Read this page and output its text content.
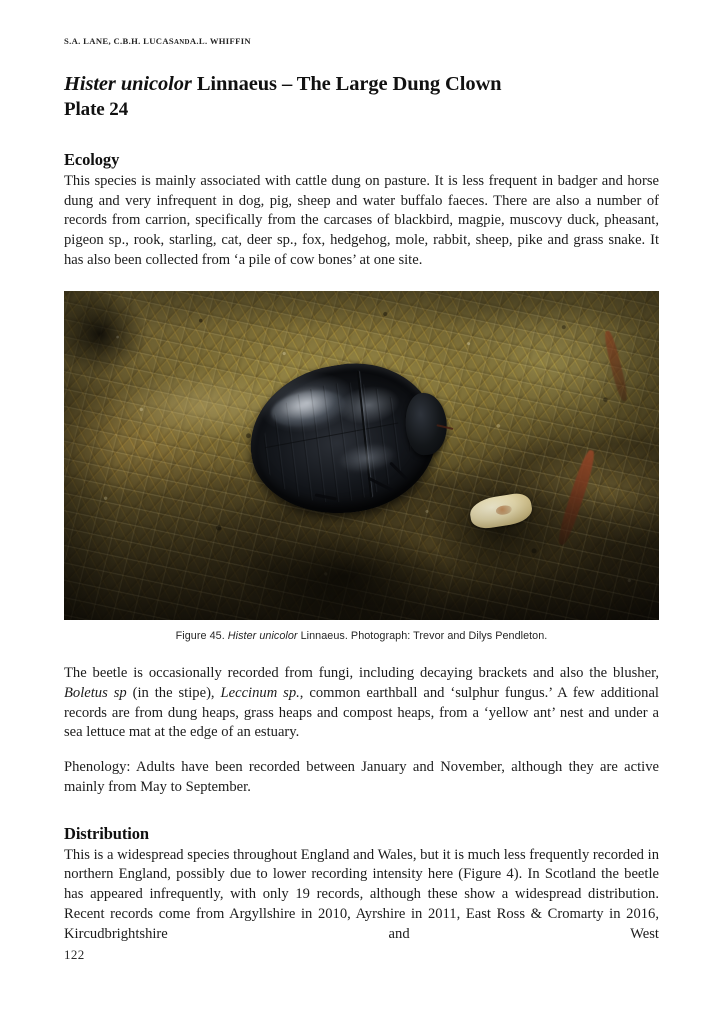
S.A. LANE, C.B.H. LUCASANDA.L. WHIFFIN
Hister unicolor Linnaeus – The Large Dung Clown
Plate 24
Ecology

This species is mainly associated with cattle dung on pasture. It is less frequent in badger and horse dung and very infrequent in dog, pig, sheep and water buffalo faeces. There are also a number of records from carrion, specifically from the carcases of blackbird, magpie, muscovy duck, pheasant, pigeon sp., rook, starling, cat, deer sp., fox, hedgehog, mole, rabbit, sheep, pike and grass snake. It has also been collected from ‘a pile of cow bones’ at one site.

Figure 45. Hister unicolor Linnaeus. Photograph: Trevor and Dilys Pendleton.

The beetle is occasionally recorded from fungi, including decaying brackets and also the blusher, Boletus sp (in the stipe), Leccinum sp., common earthball and ‘sulphur fungus.’ A few additional records are from dung heaps, grass heaps and compost heaps, from a ‘yellow ant’ nest and under a sea lettuce mat at the edge of an estuary.

Phenology: Adults have been recorded between January and November, although they are active mainly from May to September.

Distribution

This is a widespread species throughout England and Wales, but it is much less frequently recorded in northern England, possibly due to lower recording intensity here (Figure 4). In Scotland the beetle has appeared infrequently, with only 19 records, although these show a widespread distribution. Recent records come from Argyllshire in 2010, Ayrshire in 2011, East Ross & Cromarty in 2016, Kircudbrightshire and West

122
